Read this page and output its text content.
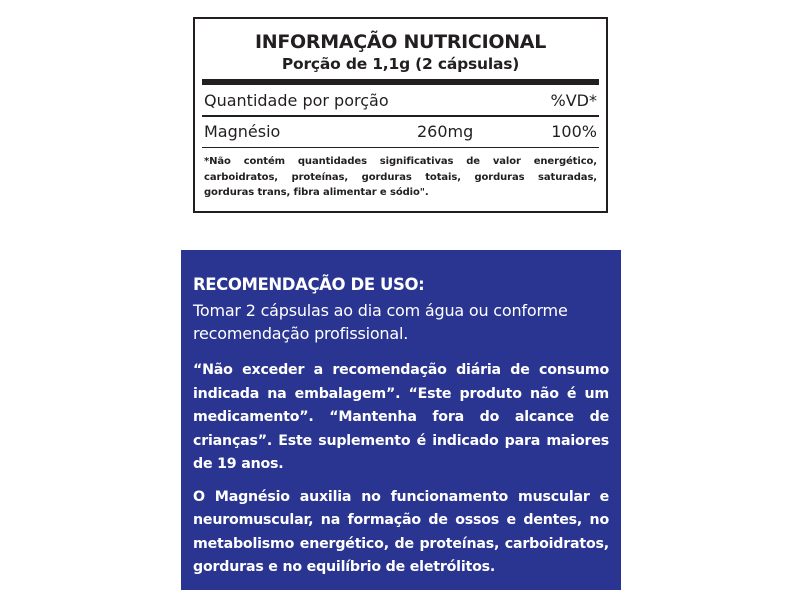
INFORMAÇÃO NUTRICIONAL
Porção de 1,1g (2 cápsulas)
Quantidade por porção	%VD*
Magnésio	260mg	100%
*Não contém quantidades significativas de valor energético, carboidratos, proteínas, gorduras totais, gorduras saturadas, gorduras trans, fibra alimentar e sódio".
RECOMENDAÇÃO DE USO:
Tomar 2 cápsulas ao dia com água ou conforme recomendação profissional.
“Não exceder a recomendação diária de consumo indicada na embalagem”. “Este produto não é um medicamento”. “Mantenha fora do alcance de crianças”. Este suplemento é indicado para maiores de 19 anos.
O Magnésio auxilia no funcionamento muscular e neuromuscular, na formação de ossos e dentes, no metabolismo energético, de proteínas, carboidratos, gorduras e no equilíbrio de eletrólitos.
